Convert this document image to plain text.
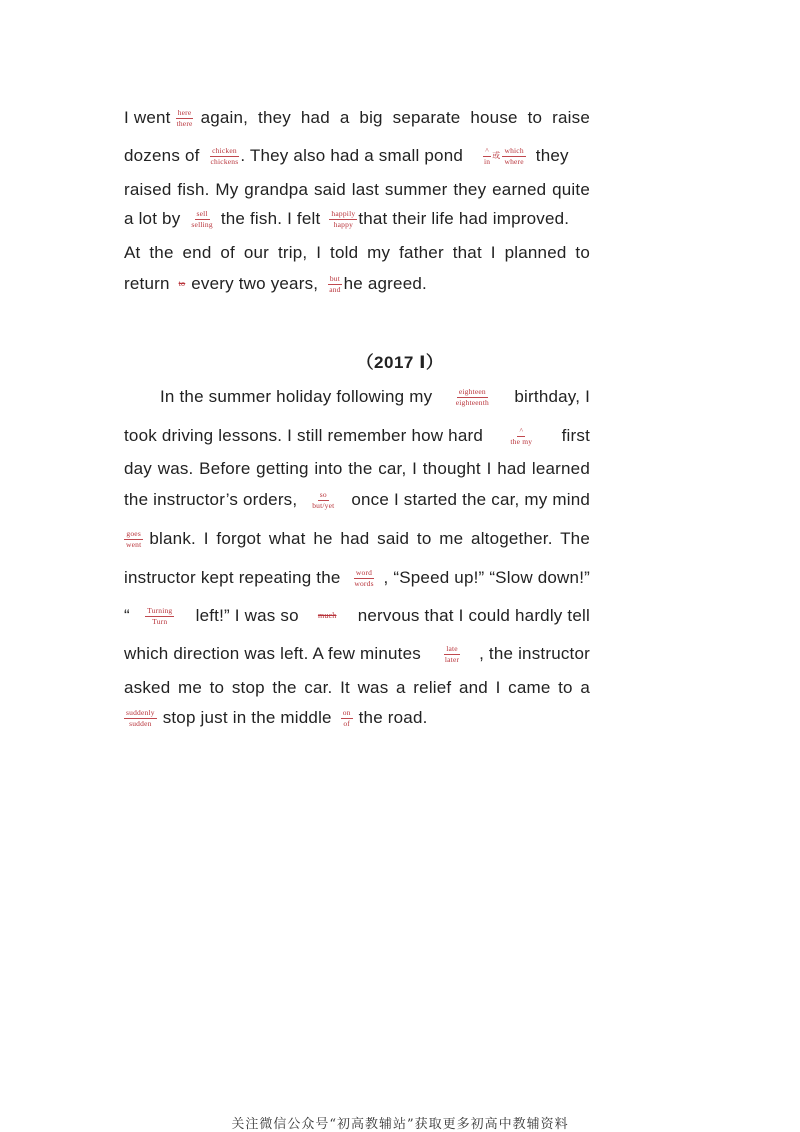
I went here
there again, they had a big separate house to raise
dozens of chicken
chickens . They also had a small pond	^
in
或
which
where they
raised fish. My grandpa said last summer they earned quite
a lot by sell
selling the fish. I felt happily
happy that their life had improved.
At the end of our trip, I told my father that I planned to
return to every two years, but
and he agreed.
（2017 Ⅰ）
In the summer holiday following my	eighteen
eighteenth birthday, I
took driving lessons. I still remember how hard	^
the my first
day was. Before getting into the car, I thought I had learned
the instructor’s orders,	so
but/yet once I started the car, my mind
goes
went blank. I forgot what he had said to me altogether. The
instructor kept repeating the word
words , “Speed up!” “Slow down!”
“ Turning
Turn left!” I was so much nervous that I could hardly tell
which direction was left. A few minutes	late
later , the instructor
asked me to stop the car. It was a relief and I came to a
suddenly
sudden stop just in the middle on
of the road.
关注微信公众号“初高教辅站”获取更多初高中教辅资料
